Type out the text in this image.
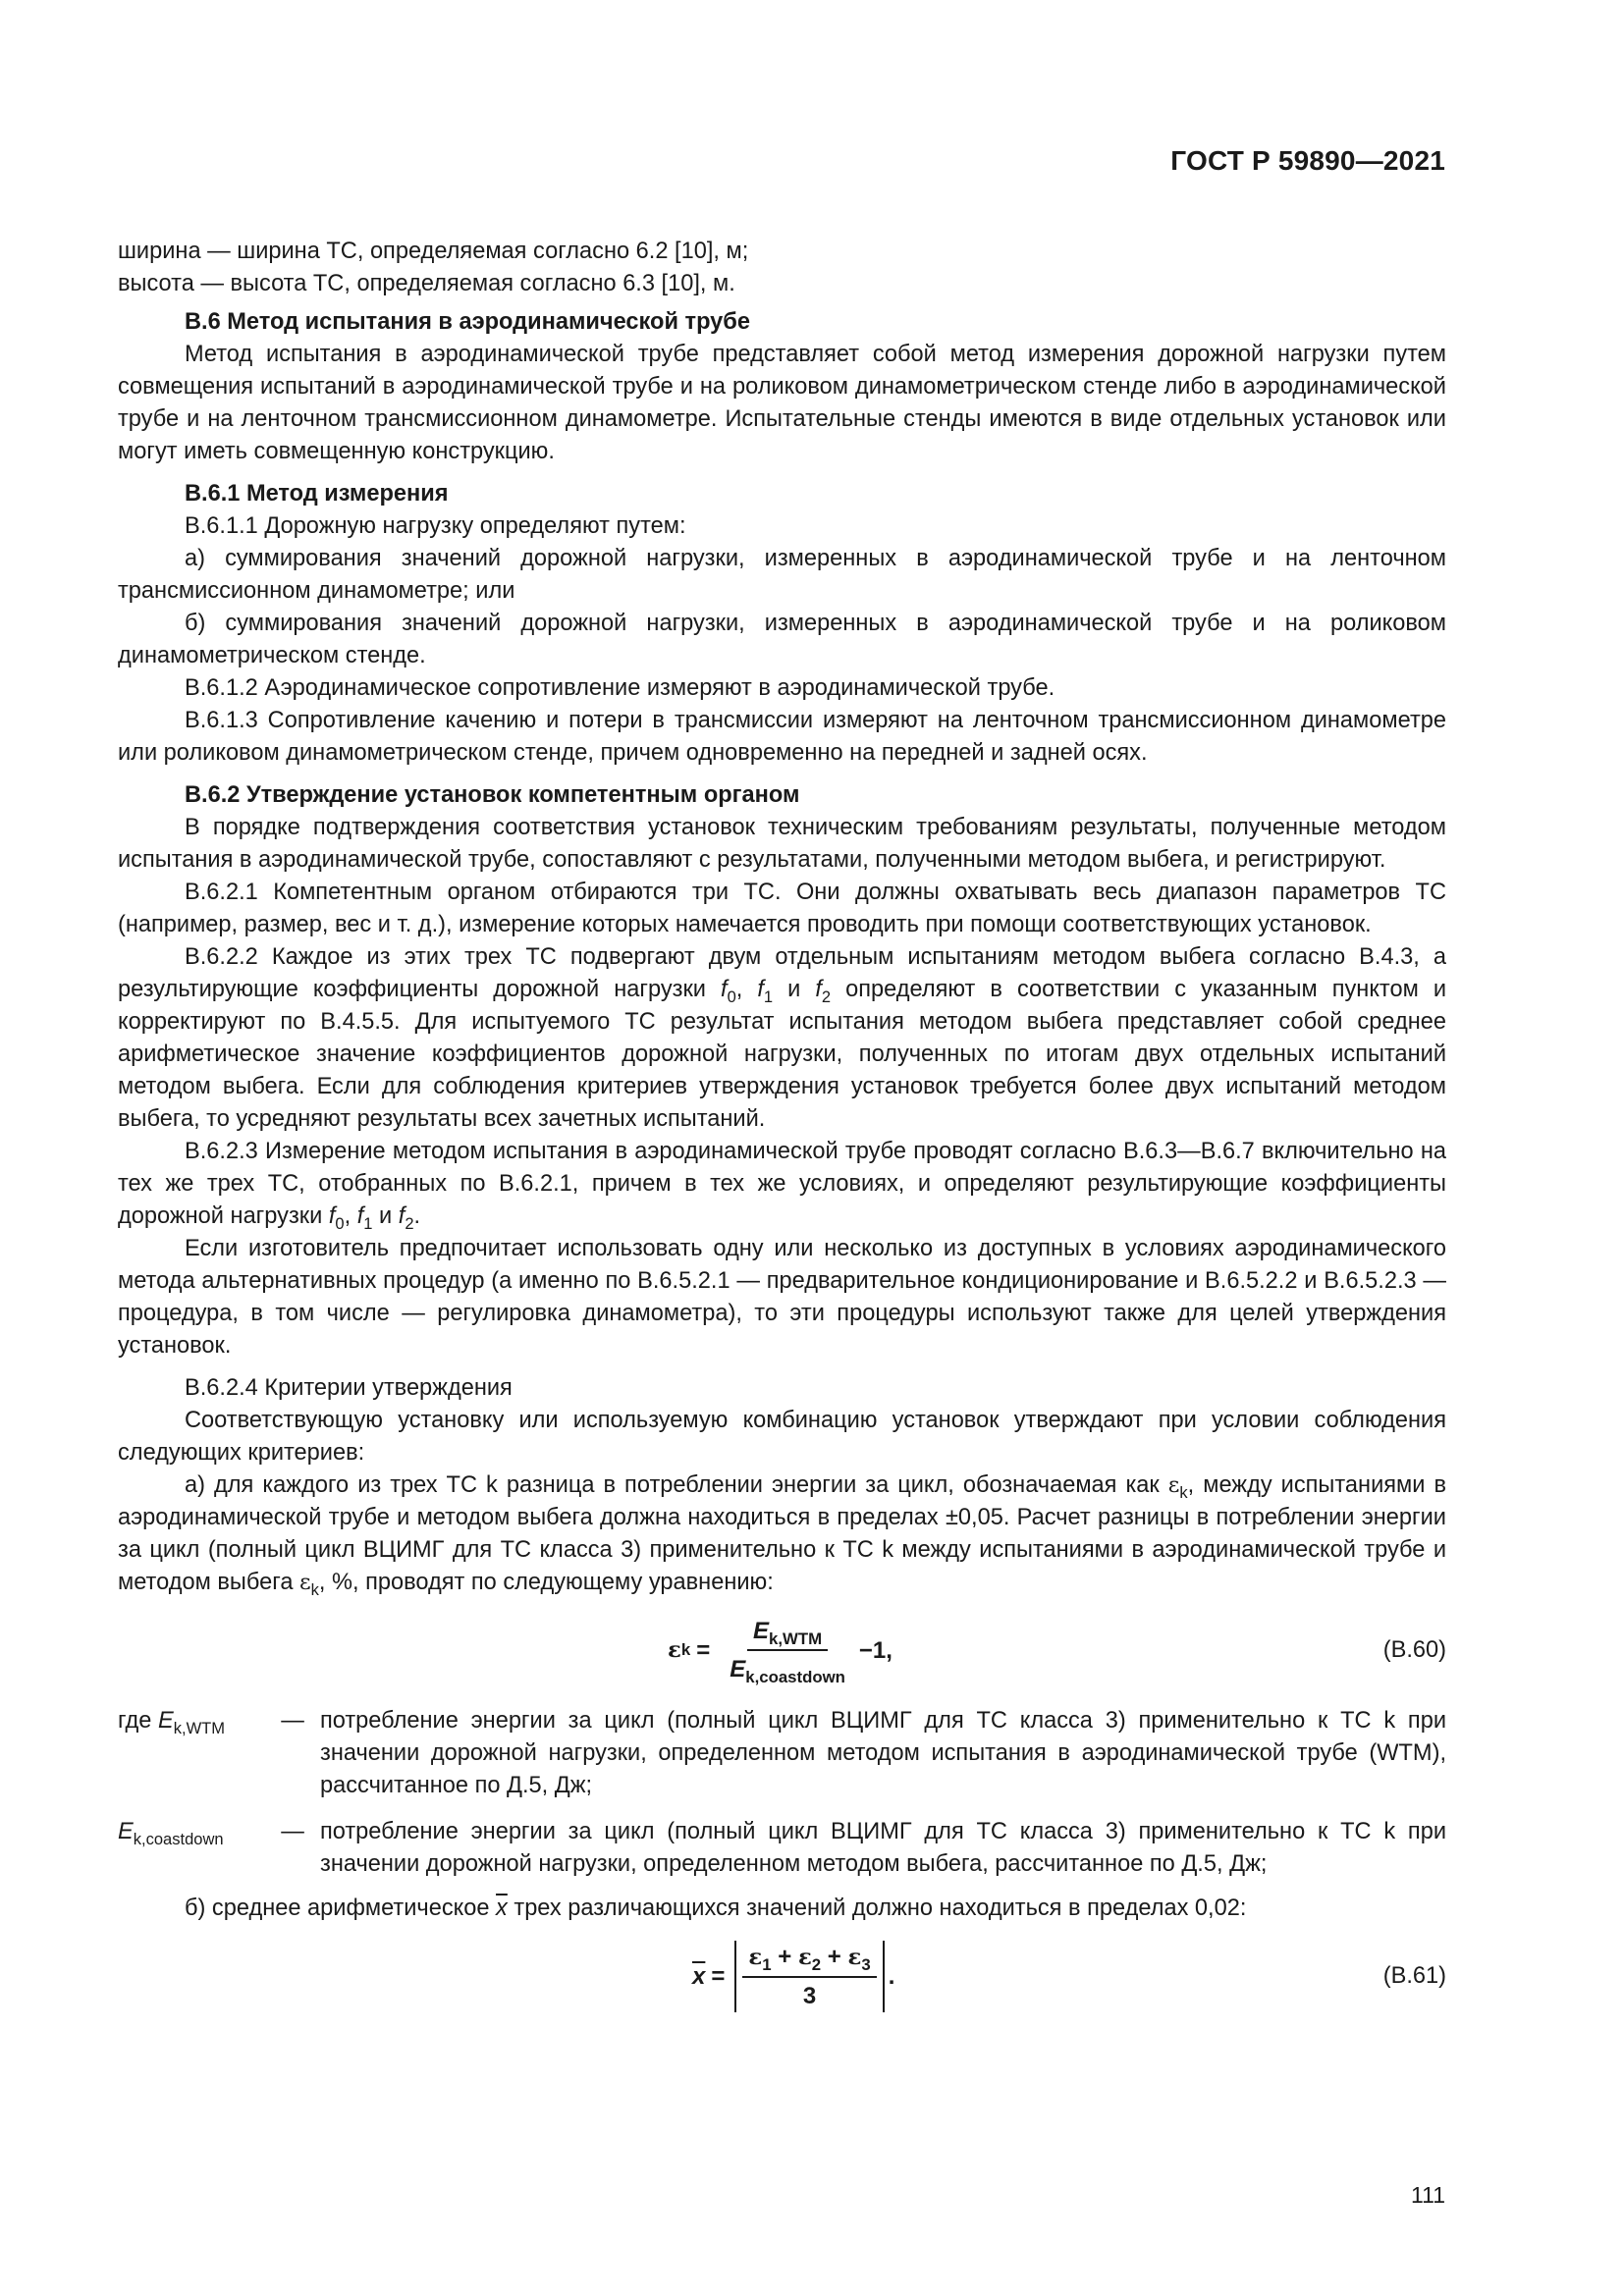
ГОСТ Р 59890—2021

ширина — ширина ТС, определяемая согласно 6.2 [10], м;

высота — высота ТС, определяемая согласно 6.3 [10], м.

В.6 Метод испытания в аэродинамической трубе

Метод испытания в аэродинамической трубе представляет собой метод измерения дорожной нагрузки путем совмещения испытаний в аэродинамической трубе и на роликовом динамометрическом стенде либо в аэродинамической трубе и на ленточном трансмиссионном динамометре. Испытательные стенды имеются в виде отдельных установок или могут иметь совмещенную конструкцию.

В.6.1 Метод измерения

В.6.1.1 Дорожную нагрузку определяют путем:

а) суммирования значений дорожной нагрузки, измеренных в аэродинамической трубе и на ленточном трансмиссионном динамометре; или

б) суммирования значений дорожной нагрузки, измеренных в аэродинамической трубе и на роликовом динамометрическом стенде.

В.6.1.2 Аэродинамическое сопротивление измеряют в аэродинамической трубе.

В.6.1.3 Сопротивление качению и потери в трансмиссии измеряют на ленточном трансмиссионном динамометре или роликовом динамометрическом стенде, причем одновременно на передней и задней осях.

В.6.2 Утверждение установок компетентным органом

В порядке подтверждения соответствия установок техническим требованиям результаты, полученные методом испытания в аэродинамической трубе, сопоставляют с результатами, полученными методом выбега, и регистрируют.

В.6.2.1 Компетентным органом отбираются три ТС. Они должны охватывать весь диапазон параметров ТС (например, размер, вес и т. д.), измерение которых намечается проводить при помощи соответствующих установок.

В.6.2.2 Каждое из этих трех ТС подвергают двум отдельным испытаниям методом выбега согласно В.4.3, а результирующие коэффициенты дорожной нагрузки $f_0$, $f_1$ и $f_2$ определяют в соответствии с указанным пунктом и корректируют по В.4.5.5. Для испытуемого ТС результат испытания методом выбега представляет собой среднее арифметическое значение коэффициентов дорожной нагрузки, полученных по итогам двух отдельных испытаний методом выбега. Если для соблюдения критериев утверждения установок требуется более двух испытаний методом выбега, то усредняют результаты всех зачетных испытаний.

В.6.2.3 Измерение методом испытания в аэродинамической трубе проводят согласно В.6.3—В.6.7 включительно на тех же трех ТС, отобранных по В.6.2.1, причем в тех же условиях, и определяют результирующие коэффициенты дорожной нагрузки $f_0$, $f_1$ и $f_2$.

Если изготовитель предпочитает использовать одну или несколько из доступных в условиях аэродинамического метода альтернативных процедур (а именно по В.6.5.2.1 — предварительное кондиционирование и В.6.5.2.2 и В.6.5.2.3 — процедура, в том числе — регулировка динамометра), то эти процедуры используют также для целей утверждения установок.

В.6.2.4 Критерии утверждения

Соответствующую установку или используемую комбинацию установок утверждают при условии соблюдения следующих критериев:

а) для каждого из трех ТС k разница в потреблении энергии за цикл, обозначаемая как $\varepsilon_k$, между испытаниями в аэродинамической трубе и методом выбега должна находиться в пределах ±0,05. Расчет разницы в потреблении энергии за цикл (полный цикл ВЦИМГ для ТС класса 3) применительно к ТС k между испытаниями в аэродинамической трубе и методом выбега $\varepsilon_k$, %, проводят по следующему уравнению:

ε $k = \frac{E_{k,WTM}}{E_{k,coastdown}} -1$,	(В.60)
где $E_{k,WTM}$	— потребление энергии за цикл (полный цикл ВЦИМГ для ТС класса 3) применительно к ТС k при значении дорожной нагрузки, определенном методом испытания в аэродинамической трубе (WTM), рассчитанное по Д.5, Дж;
$E_{k,coastdown}$	— потребление энергии за цикл (полный цикл ВЦИМГ для ТС класса 3) применительно к ТС k при значении дорожной нагрузки, определенном методом выбега, рассчитанное по Д.5, Дж;

б) среднее арифметическое $\overline{x}$ трех различающихся значений должно находиться в пределах 0,02:

$\overline{x} = \frac{\varepsilon_1 + \varepsilon_2 + \varepsilon_3}{3}$ .	(В.61)
111
